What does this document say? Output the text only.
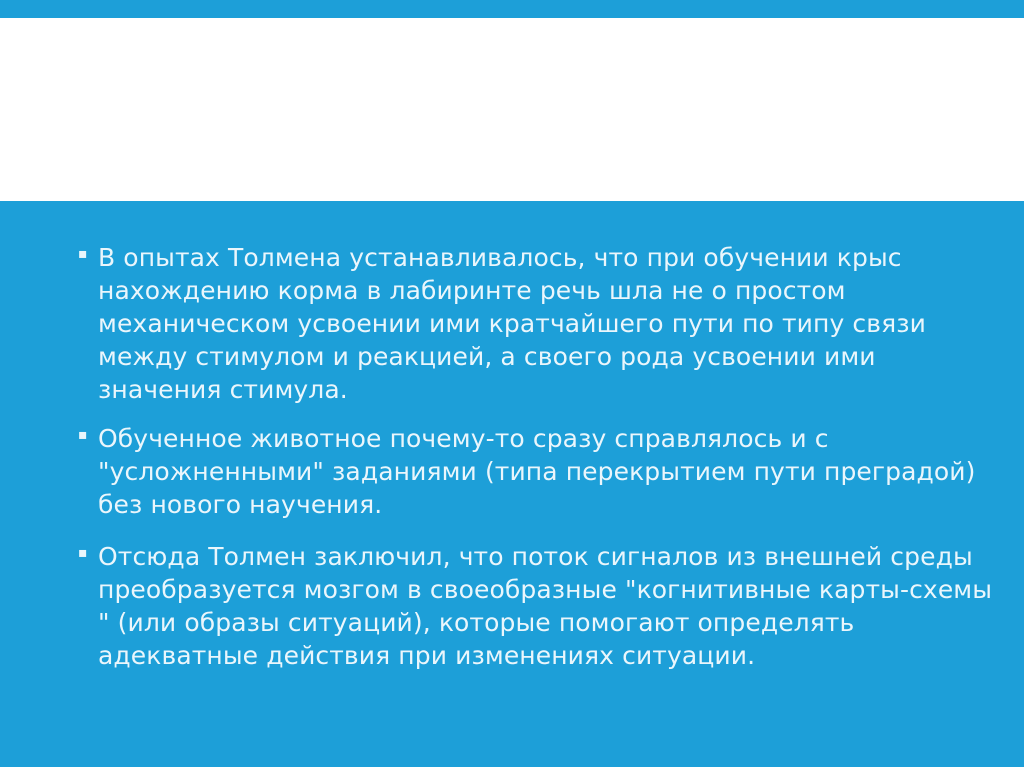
▪ В опытах Толмена устанавливалось, что при обучении крыс нахождению корма в лабиринте речь шла не о простом механическом усвоении ими кратчайшего пути по типу связи между стимулом и реакцией, а своего рода усвоении ими значения стимула.
▪ Обученное животное почему-то сразу справлялось и с "усложненными" заданиями (типа перекрытием пути преградой) без нового научения.
▪ Отсюда Толмен заключил, что поток сигналов из внешней среды преобразуется мозгом в своеобразные "когнитивные карты-схемы " (или образы ситуаций), которые помогают определять адекватные действия при изменениях ситуации.
